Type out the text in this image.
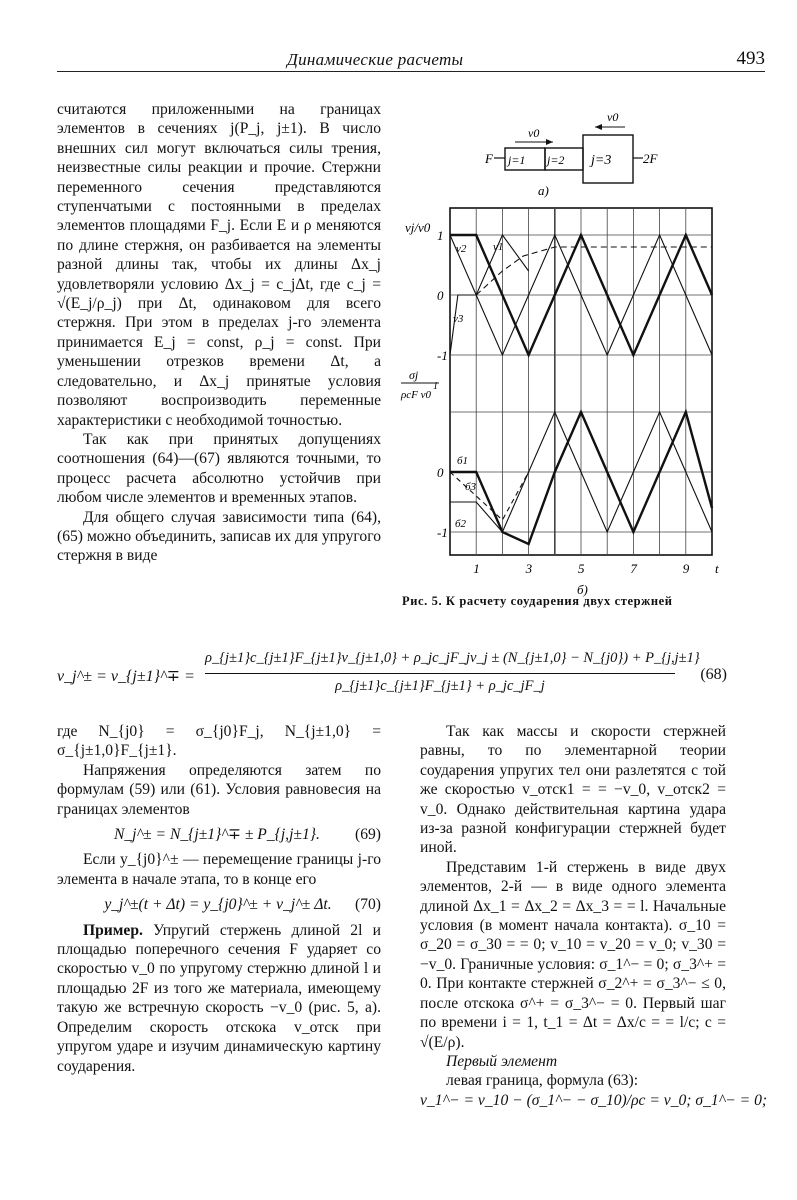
Динамические расчеты	493

считаются приложенными на границах элементов в сечениях j(P_j, j±1). В число внешних сил могут включаться силы трения, неизвестные силы реакции и прочие. Стержни переменного сечения представляются ступенчатыми с постоянными в пределах элементов площадями F_j. Если E и ρ меняются по длине стержня, он разбивается на элементы разной длины так, чтобы их длины Δx_j удовлетворяли условию Δx_j = c_jΔt, где c_j = √(E_j/ρ_j) при Δt, одинаковом для всего стержня. При этом в пределах j-го элемента принимается E_j = const, ρ_j = const. При уменьшении отрезков времени Δt, а следовательно, и Δx_j принятые условия позволяют воспроизводить переменные характеристики с необходимой точностью.

Так как при принятых допущениях соотношения (64)—(67) являются точными, то процесс расчета абсолютно устойчив при любом числе элементов и временных этапов.

Для общего случая зависимости типа (64), (65) можно объединить, записав их для упругого стержня в виде

F j=1 j=2 j=3 2F
v0
v0
а)
vj/v0
σj
ρcF v0
1
0
-1
1
0
-1
1	3	5	7	9 t
v2 v1
v3
б1
б3
б2
б)
Рис. 5. К расчету соударения двух стержней
v_j^± = v_{j±1}^∓ =
ρ_{j±1}c_{j±1}F_{j±1}v_{j±1,0} + ρ_jc_jF_jv_j ± (N_{j±1,0} − N_{j0}) + P_{j,j±1}
ρ_{j±1}c_{j±1}F_{j±1} + ρ_jc_jF_j
(68)

где N_{j0} = σ_{j0}F_j, N_{j±1,0} = σ_{j±1,0}F_{j±1}.

Напряжения определяются затем по формулам (59) или (61). Условия равновесия на границах элементов

N_j^± = N_{j±1}^∓ ± P_{j,j±1}. (69)

Если y_{j0}^± — перемещение границы j-го элемента в начале этапа, то в конце его

y_j^±(t + Δt) = y_{j0}^± + v_j^± Δt. (70)

Пример. Упругий стержень длиной 2l и площадью поперечного сечения F ударяет со скоростью v_0 по упругому стержню длиной l и площадью 2F из того же материала, имеющему такую же встречную скорость −v_0 (рис. 5, а). Определим скорость отскока v_отск при упругом ударе и изучим динамическую картину соударения.

Так как массы и скорости стержней равны, то по элементарной теории соударения упругих тел они разлетятся с той же скоростью v_отск1 = = −v_0, v_отск2 = v_0. Однако действительная картина удара из-за разной конфигурации стержней будет иной.

Представим 1-й стержень в виде двух элементов, 2-й — в виде одного элемента длиной Δx_1 = Δx_2 = Δx_3 = = l. Начальные условия (в момент начала контакта). σ_10 = σ_20 = σ_30 = = 0; v_10 = v_20 = v_0; v_30 = −v_0. Граничные условия: σ_1^− = 0; σ_3^+ = 0. При контакте стержней σ_2^+ = σ_3^− ≤ 0, после отскока σ^+ = σ_3^− = 0. Первый шаг по времени i = 1, t_1 = Δt = Δx/c = = l/c; c = √(E/ρ).

Первый элемент

левая граница, формула (63):

v_1^− = v_10 − (σ_1^− − σ_10)/ρc = v_0; σ_1^− = 0;
